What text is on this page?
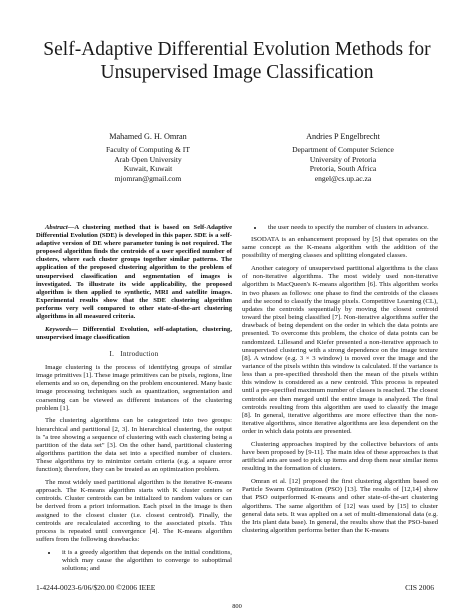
Self-Adaptive Differential Evolution Methods for
Unsupervised Image Classification
Mahamed G. H. Omran
Faculty of Computing & IT
Arab Open University
Kuwait, Kuwait
mjomran@gmail.com
Andries P Engelbrecht
Department of Computer Science
University of Pretoria
Pretoria, South Africa
engel@cs.up.ac.za

Abstract—A clustering method that is based on Self-Adaptive Differential Evolution (SDE) is developed in this paper. SDE is a self-adaptive version of DE where parameter tuning is not required. The proposed algorithm finds the centroids of a user specified number of clusters, where each cluster groups together similar patterns. The application of the proposed clustering algorithm to the problem of unsupervised classification and segmentation of images is investigated. To illustrate its wide applicability, the proposed algorithm is then applied to synthetic, MRI and satellite images. Experimental results show that the SDE clustering algorithm performs very well compared to other state-of-the-art clustering algorithms in all measured criteria.

Keywords— Differential Evolution, self-adaptation, clustering, unsupervised image classification

I. Introduction

Image clustering is the process of identifying groups of similar image primitives [1]. These image primitives can be pixels, regions, line elements and so on, depending on the problem encountered. Many basic image processing techniques such as quantization, segmentation and coarsening can be viewed as different instances of the clustering problem [1].

The clustering algorithms can be categorized into two groups: hierarchical and partitional [2, 3]. In hierarchical clustering, the output is "a tree showing a sequence of clustering with each clustering being a partition of the data set" [3]. On the other hand, partitional clustering algorithms partition the data set into a specified number of clusters. These algorithms try to minimize certain criteria (e.g. a square error function); therefore, they can be treated as an optimization problem.

The most widely used partitional algorithm is the iterative K-means approach. The K-means algorithm starts with K cluster centers or centroids. Cluster centroids can be initialized to random values or can be derived from a priori information. Each pixel in the image is then assigned to the closest cluster (i.e. closest centroid). Finally, the centroids are recalculated according to the associated pixels. This process is repeated until convergence [4]. The K-means algorithm suffers from the following drawbacks:

• it is a greedy algorithm that depends on the initial conditions, which may cause the algorithm to converge to suboptimal solutions; and
• the user needs to specify the number of clusters in advance.

ISODATA is an enhancement proposed by [5] that operates on the same concept as the K-means algorithm with the addition of the possibility of merging classes and splitting elongated classes.

Another category of unsupervised partitional algorithms is the class of non-iterative algorithms. The most widely used non-iterative algorithm is MacQueen's K-means algorithm [6]. This algorithm works in two phases as follows: one phase to find the centroids of the classes and the second to classify the image pixels. Competitive Learning (CL), updates the centroids sequentially by moving the closest centroid toward the pixel being classified [7]. Non-iterative algorithms suffer the drawback of being dependent on the order in which the data points are presented. To overcome this problem, the choice of data points can be randomized. Lillesand and Kiefer presented a non-iterative approach to unsupervised clustering with a strong dependence on the image texture [8]. A window (e.g. 3 × 3 window) is moved over the image and the variance of the pixels within this window is calculated. If the variance is less than a pre-specified threshold then the mean of the pixels within this window is considered as a new centroid. This process is repeated until a pre-specified maximum number of classes is reached. The closest centroids are then merged until the entire image is analyzed. The final centroids resulting from this algorithm are used to classify the image [8]. In general, iterative algorithms are more effective than the non-iterative algorithms, since iterative algorithms are less dependent on the order in which data points are presented.

Clustering approaches inspired by the collective behaviors of ants have been proposed by [9-11]. The main idea of these approaches is that artificial ants are used to pick up items and drop them near similar items resulting in the formation of clusters.

Omran et al. [12] proposed the first clustering algorithm based on Particle Swarm Optimization (PSO) [13]. The results of [12,14] show that PSO outperformed K-means and other state-of-the-art clustering algorithms. The same algorithm of [12] was used by [15] to cluster general data sets. It was applied on a set of multi-dimensional data (e.g. the Iris plant data base). In general, the results show that the PSO-based clustering algorithm performs better than the K-means

1-4244-0023-6/06/$20.00 ©2006 IEEE	CIS 2006
800
